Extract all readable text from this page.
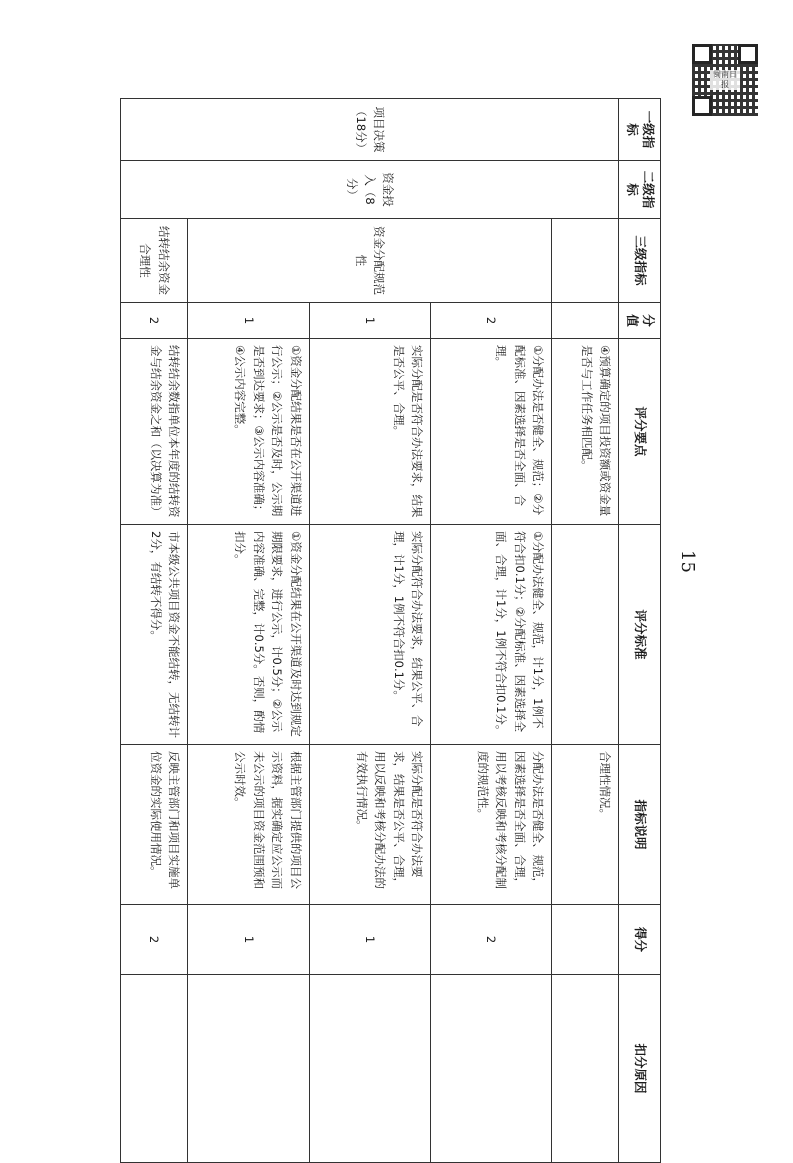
闽南日报
一级指标	二级指标	三级指标	分值	评分要点	评分标准	指标说明	得分	扣分原因
项目决策（18分）	资金投入（8分）			④预算确定的项目投资额或资金量是否与工作任务相匹配。		合理性情况。		
		资金分配规范性	2	①分配办法是否健全、规范；②分配标准、因素选择是否全面、合理。	①分配办法健全、规范，计1分，1例不符合扣0.1分；②分配标准、因素选择全面、合理，计1分，1例不符合扣0.1分。	分配办法是否健全、规范，因素选择是否全面、合理，用以考核反映和考核分配制度的规范性。	2	
			1	实际分配是否符合办法要求，结果是否公平、合理。	实际分配符合办法要求，结果公平、合理，计1分，1例不符合扣0.1分。	实际分配是否符合办法要求，结果是否公平、合理，用以反映和考核分配办法的有效执行情况。	1	
			1	①资金分配结果是否在公开渠道进行公示；②公示是否及时，公示期是否到达要求；③公示内容准确；④公示内容完整。	①资金分配结果在公开渠道及时达到规定期限要求，进行公示，计0.5分；②公示内容准确、完整，计0.5分。否则，酌情扣分。	根据主管部门提供的项目公示资料，据实确定应公示而未公示的项目资金范围预和公示时效。	1	
		结转结余资金合理性	2	结转结余数指单位本年度的结转资金与结余资金之和（以决算为准）	市本级公共项目资金不能结转，无结转计2分，有结转不得分。	反映主管部门和项目实施单位资金的实际使用情况。	2	
15
